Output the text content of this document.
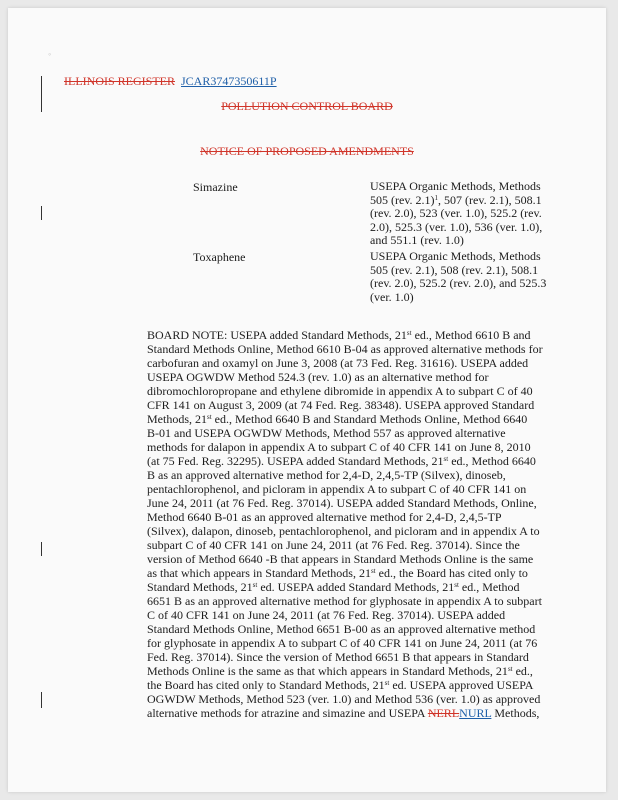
◦
ILLINOIS REGISTER JCAR3747350611P
POLLUTION CONTROL BOARD
NOTICE OF PROPOSED AMENDMENTS
Simazine	USEPA Organic Methods, Methods
505 (rev. 2.1)$^1$, 507 (rev. 2.1), 508.1
(rev. 2.0), 523 (ver. 1.0), 525.2 (rev.
2.0), 525.3 (ver. 1.0), 536 (ver. 1.0),
and 551.1 (rev. 1.0)
Toxaphene	USEPA Organic Methods, Methods
505 (rev. 2.1), 508 (rev. 2.1), 508.1
(rev. 2.0), 525.2 (rev. 2.0), and 525.3
(ver. 1.0)

BOARD NOTE: USEPA added Standard Methods, 21st ed., Method 6610 B and
Standard Methods Online, Method 6610 B-04 as approved alternative methods for
carbofuran and oxamyl on June 3, 2008 (at 73 Fed. Reg. 31616). USEPA added
USEPA OGWDW Method 524.3 (rev. 1.0) as an alternative method for
dibromochloropropane and ethylene dibromide in appendix A to subpart C of 40
CFR 141 on August 3, 2009 (at 74 Fed. Reg. 38348). USEPA approved Standard
Methods, 21st ed., Method 6640 B and Standard Methods Online, Method 6640
B-01 and USEPA OGWDW Methods, Method 557 as approved alternative
methods for dalapon in appendix A to subpart C of 40 CFR 141 on June 8, 2010
(at 75 Fed. Reg. 32295). USEPA added Standard Methods, 21st ed., Method 6640
B as an approved alternative method for 2,4-D, 2,4,5-TP (Silvex), dinoseb,
pentachlorophenol, and picloram in appendix A to subpart C of 40 CFR 141 on
June 24, 2011 (at 76 Fed. Reg. 37014). USEPA added Standard Methods, Online,
Method 6640 B-01 as an approved alternative method for 2,4-D, 2,4,5-TP
(Silvex), dalapon, dinoseb, pentachlorophenol, and picloram and in appendix A to
subpart C of 40 CFR 141 on June 24, 2011 (at 76 Fed. Reg. 37014). Since the
version of Method 6640 -B that appears in Standard Methods Online is the same
as that which appears in Standard Methods, 21st ed., the Board has cited only to
Standard Methods, 21st ed. USEPA added Standard Methods, 21st ed., Method
6651 B as an approved alternative method for glyphosate in appendix A to subpart
C of 40 CFR 141 on June 24, 2011 (at 76 Fed. Reg. 37014). USEPA added
Standard Methods Online, Method 6651 B-00 as an approved alternative method
for glyphosate in appendix A to subpart C of 40 CFR 141 on June 24, 2011 (at 76
Fed. Reg. 37014). Since the version of Method 6651 B that appears in Standard
Methods Online is the same as that which appears in Standard Methods, 21st ed.,
the Board has cited only to Standard Methods, 21st ed. USEPA approved USEPA
OGWDW Methods, Method 523 (ver. 1.0) and Method 536 (ver. 1.0) as approved

alternative methods for atrazine and simazine and USEPA NERLNURL Methods,
